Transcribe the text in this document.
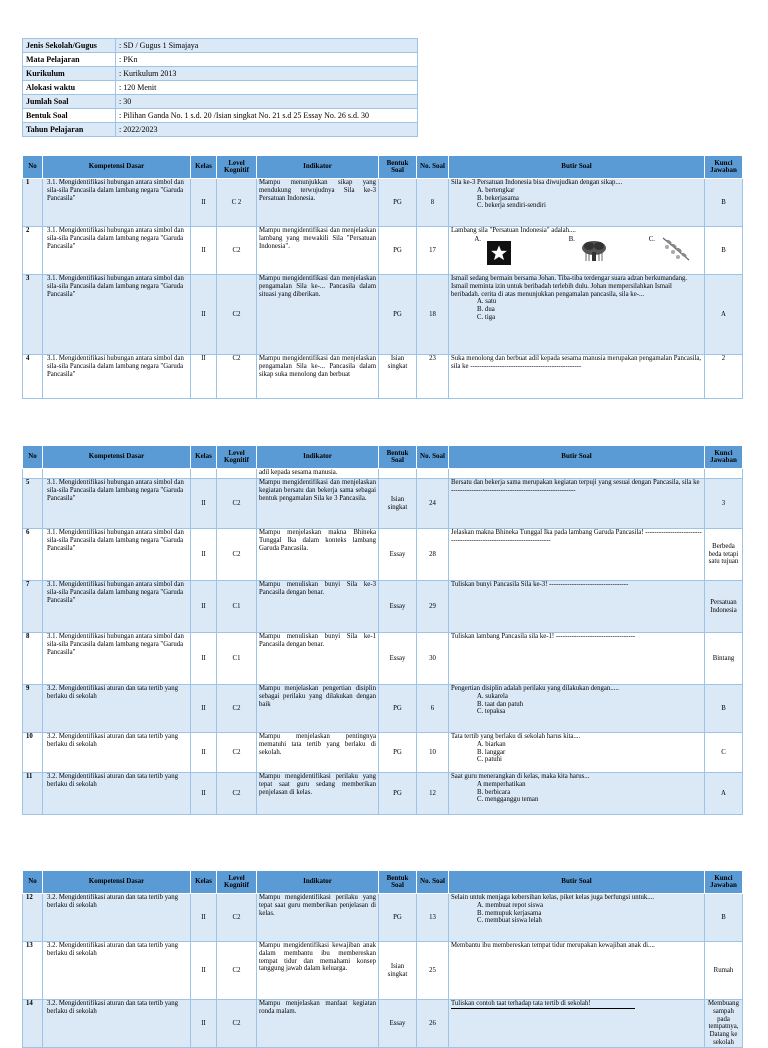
Jenis Sekolah/Gugus	: SD / Gugus 1 Simajaya
Mata Pelajaran	: PKn
Kurikulum	: Kurikulum 2013
Alokasi waktu	: 120 Menit
Jumlah Soal	: 30
Bentuk Soal	: Pilihan Ganda No. 1 s.d. 20 /Isian singkat No. 21 s.d 25 Essay No. 26 s.d. 30
Tahun Pelajaran	: 2022/2023
No	Kompetensi Dasar	Kelas	Level Kognitif	Indikator	Bentuk Soal	No. Soal	Butir Soal	Kunci Jawaban
1	3.1. Mengidentifikasi hubungan antara simbol dan sila-sila Pancasila dalam lambang negara "Garuda Pancasila"	II	C 2	Mampu menunjukkan sikap yang mendukung terwujudnya Sila ke-3 Persatuan Indonesia.	PG	8	Sila ke-3 Persatuan Indonesia bisa diwujudkan dengan sikap....
A. bertengkar
B. bekerjasama
C. bekerja sendiri-sendiri	B
2	3.1. Mengidentifikasi hubungan antara simbol dan sila-sila Pancasila dalam lambang negara "Garuda Pancasila"	II	C2	Mampu mengidentifikasi dan menjelaskan lambang yang mewakili Sila "Persatuan Indonesia".	PG	17	Lambang sila "Persatuan Indonesia" adalah....
A. B. C.	B
3	3.1. Mengidentifikasi hubungan antara simbol dan sila-sila Pancasila dalam lambang negara "Garuda Pancasila"	II	C2	Mampu mengidentifikasi dan menjelaskan pengamalan Sila ke-... Pancasila dalam situasi yang diberikan.	PG	18	Ismail sedang bermain bersama Johan. Tiba-tiba terdengar suara adzan berkumandang. Ismail meminta izin untuk beribadah terlebih dulu. Johan mempersilahkan Ismail beribadah. cerita di atas menunjukkan pengamalan pancasila, sila ke-...
A. satu
B. dua
C. tiga	A
4	3.1. Mengidentifikasi hubungan antara simbol dan sila-sila Pancasila dalam lambang negara "Garuda Pancasila"	II	C2	Mampu mengidentifikasi dan menjelaskan pengamalan Sila ke-... Pancasila dalam sikap suka menolong dan berbuat	Isian singkat	23	Suka menolong dan berbuat adil kepada sesama manusia merupakan pengamalan Pancasila, sila ke -------------------------------------------------	2
No	Kompetensi Dasar	Kelas	Level Kognitif	Indikator	Bentuk Soal	No. Soal	Butir Soal	Kunci Jawaban
				adil kepada sesama manusia.				
5	3.1. Mengidentifikasi hubungan antara simbol dan sila-sila Pancasila dalam lambang negara "Garuda Pancasila"	II	C2	Mampu mengidentifikasi dan menjelaskan kegiatan bersatu dan bekerja sama sebagai bentuk pengamalan Sila ke 3 Pancasila.	Isian singkat	24	Bersatu dan bekerja sama merupakan kegiatan terpuji yang sesuai dengan Pancasila, sila ke -------------------------------------------------------	3
6	3.1. Mengidentifikasi hubungan antara simbol dan sila-sila Pancasila dalam lambang negara "Garuda Pancasila"	II	C2	Mampu menjelaskan makna Bhineka Tunggal Ika dalam konteks lambang Garuda Pancasila.	Essay	28	Jelaskan makna Bhineka Tunggal Ika pada lambang Garuda Pancasila! ---------------------------------------------------------------------	Berbeda beda tetapi satu tujuan
7	3.1. Mengidentifikasi hubungan antara simbol dan sila-sila Pancasila dalam lambang negara "Garuda Pancasila"	II	C1	Mampu menuliskan bunyi Sila ke-3 Pancasila dengan benar.	Essay	29	Tuliskan bunyi Pancasila Sila ke-3! -----------------------------------	Persatuan Indonesia
8	3.1. Mengidentifikasi hubungan antara simbol dan sila-sila Pancasila dalam lambang negara "Garuda Pancasila"	II	C1	Mampu menuliskan bunyi Sila ke-1 Pancasila dengan benar.	Essay	30	Tuliskan lambang Pancasila sila ke-1! -----------------------------------	Bintang
9	3.2. Mengidentifikasi aturan dan tata tertib yang berlaku di sekolah	II	C2	Mampu menjelaskan pengertian disiplin sebagai perilaku yang dilakukan dengan baik	PG	6	Pengertian disiplin adalah perilaku yang dilakukan dengan.....
A. sukarela
B. taat dan patuh
C. tepaksa	B
10	3.2. Mengidentifikasi aturan dan tata tertib yang berlaku di sekolah	II	C2	Mampu menjelaskan pentingnya mematuhi tata tertib yang berlaku di sekolah.	PG	10	Tata tertib yang berlaku di sekolah harus kita....
A. biarkan
B. langgar
C. patuhi	C
11	3.2. Mengidentifikasi aturan dan tata tertib yang berlaku di sekolah	II	C2	Mampu mengidentifikasi perilaku yang tepat saat guru sedang memberikan penjelasan di kelas.	PG	12	Saat guru menerangkan di kelas, maka kita harus...
A memperhatikan
B. berbicara
C. mengganggu teman	A
No	Kompetensi Dasar	Kelas	Level Kognitif	Indikator	Bentuk Soal	No. Soal	Butir Soal	Kunci Jawaban
12	3.2. Mengidentifikasi aturan dan tata tertib yang berlaku di sekolah	II	C2	Mampu mengidentifikasi perilaku yang tepat saat guru memberikan penjelasan di kelas.	PG	13	Selain untuk menjaga kebersihan kelas, piket kelas juga berfungsi untuk....
A. membuat repot siswa
B. memupuk kerjasama
C. membuat siswa lelah	B
13	3.2. Mengidentifikasi aturan dan tata tertib yang berlaku di sekolah	II	C2	Mampu mengidentifikasi kewajiban anak dalam membantu ibu membereskan tempat tidur dan memahami konsep tanggung jawab dalam keluarga.	Isian singkat	25	Membantu ibu membereskan tempat tidur merupakan kewajiban anak di....	Rumah
14	3.2. Mengidentifikasi aturan dan tata tertib yang berlaku di sekolah	II	C2	Mampu menjelaskan manfaat kegiatan ronda malam.	Essay	26	Tuliskan contoh taat terhadap tata tertib di sekolah!	Membuang sampah pada tempatnya, Datang ke sekolah
